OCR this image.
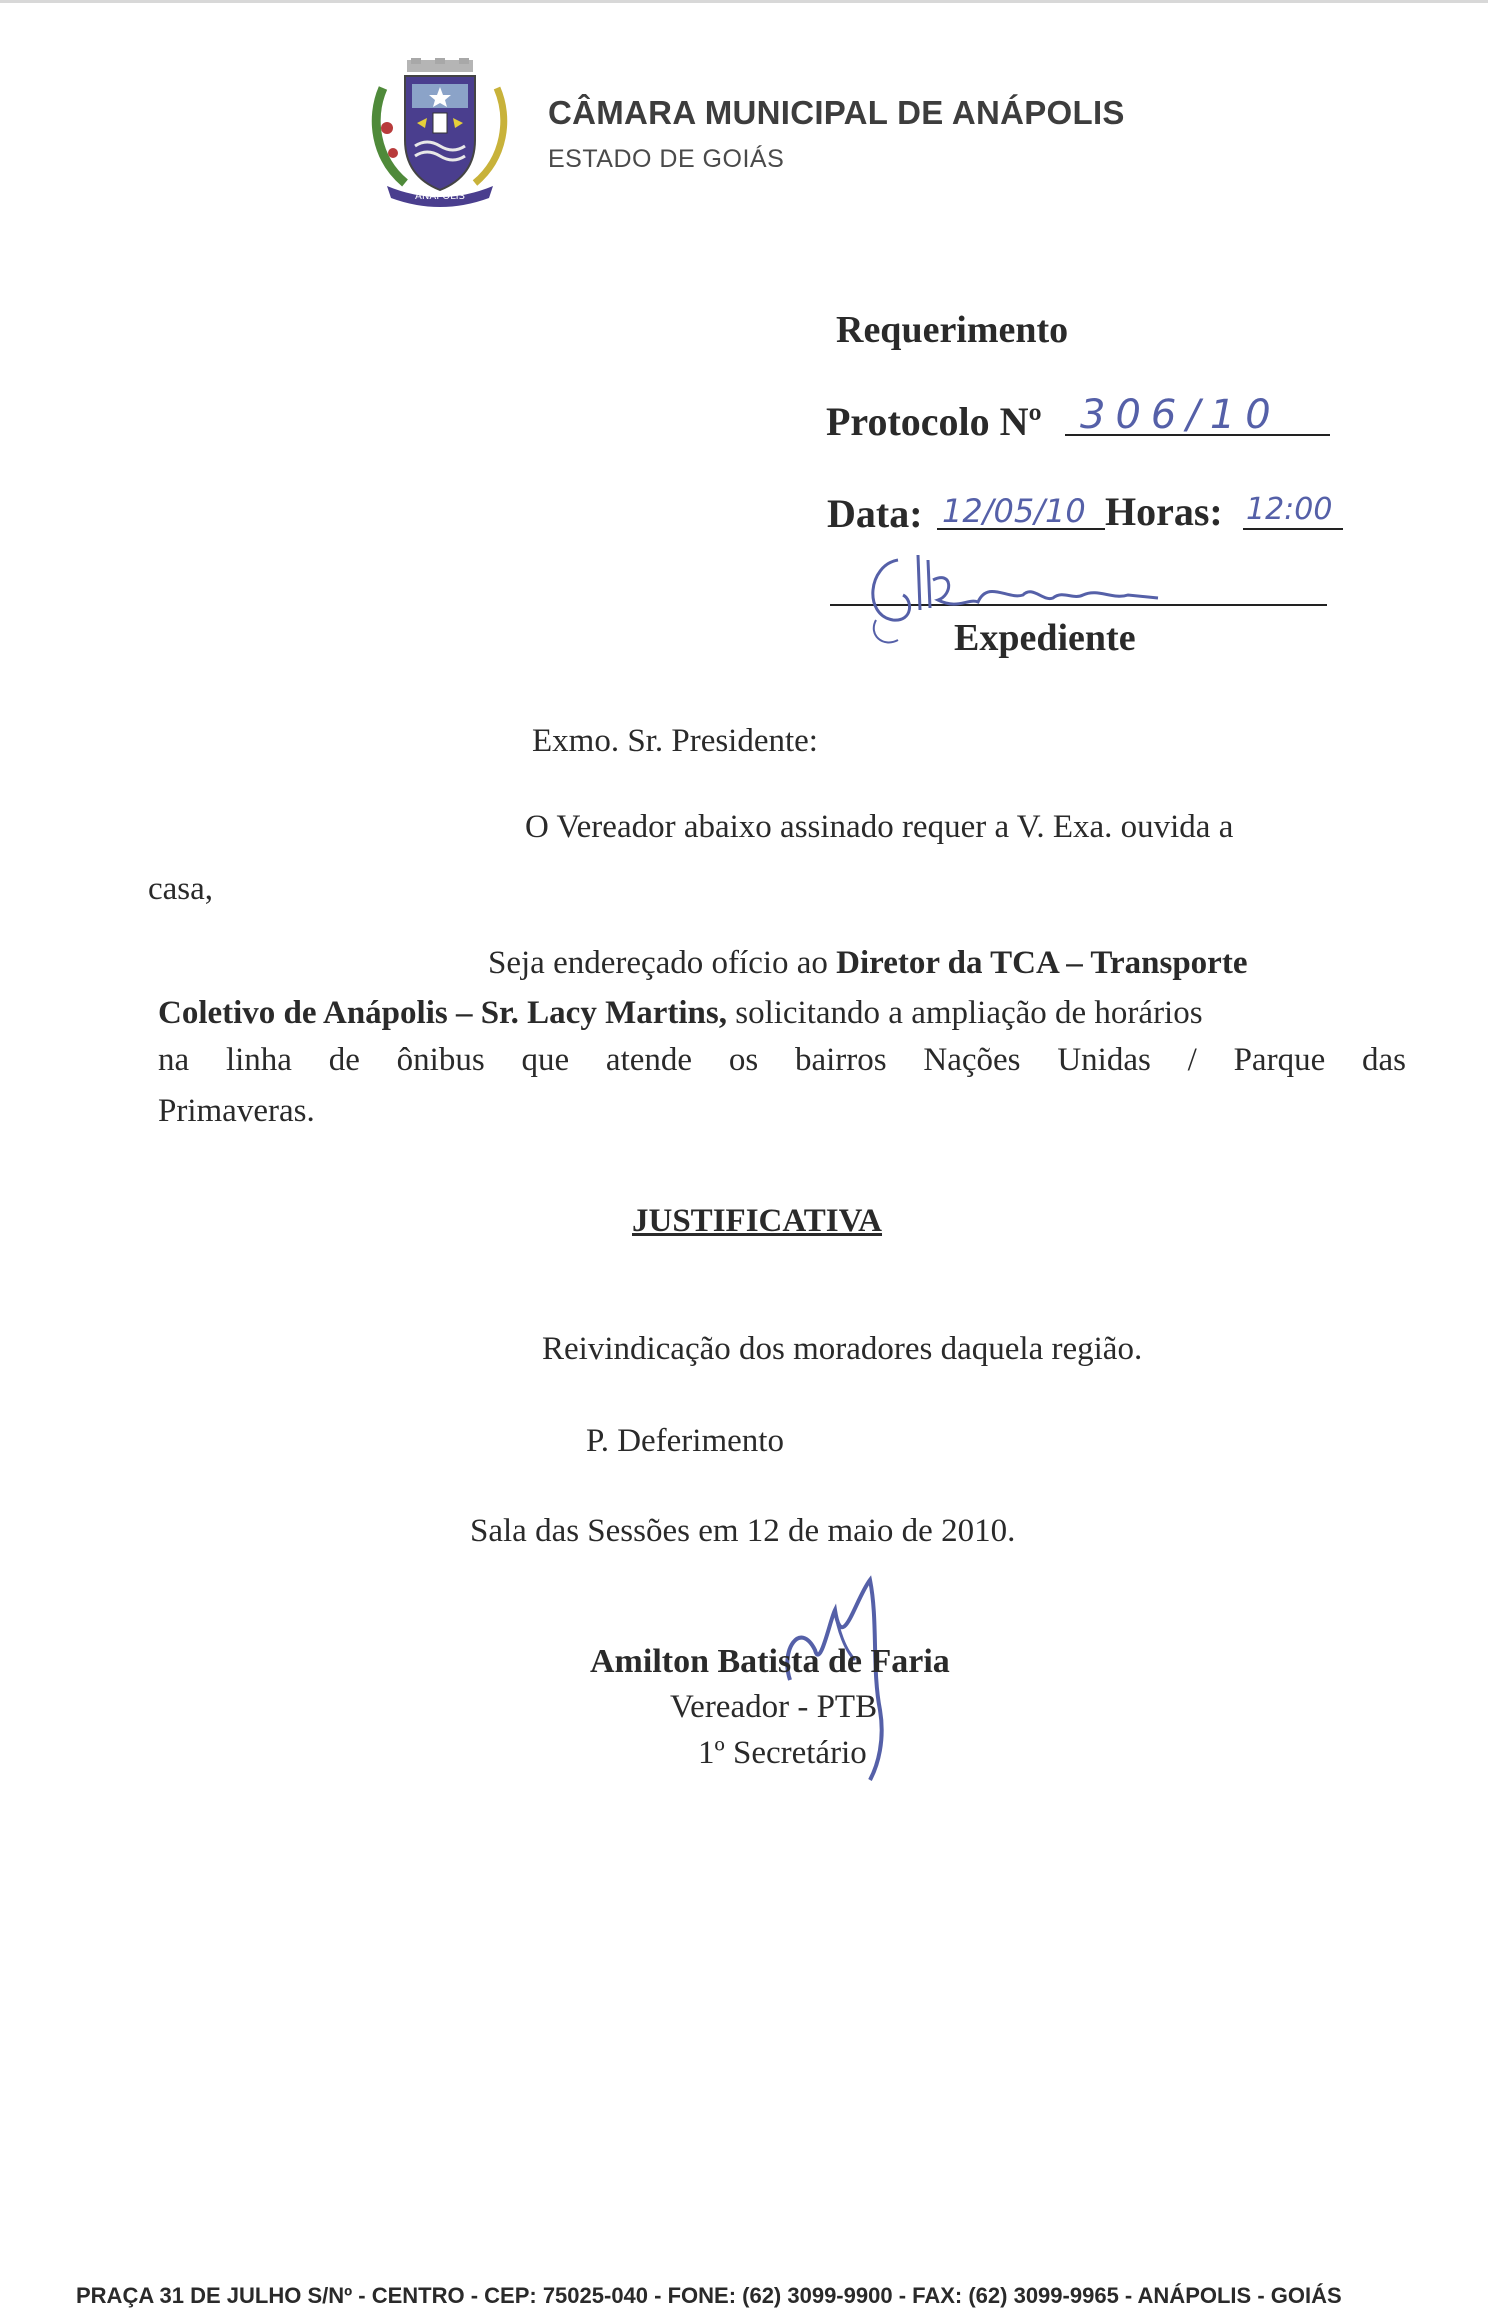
ANÁPOLIS
CÂMARA MUNICIPAL DE ANÁPOLIS
ESTADO DE GOIÁS
Requerimento
Protocolo Nº 306/10
Data: 12/05/10 Horas: 12:00
Expediente
Exmo. Sr. Presidente:
O Vereador abaixo assinado requer a V. Exa. ouvida a
casa,
Seja endereçado ofício ao Diretor da TCA – Transporte
Coletivo de Anápolis – Sr. Lacy Martins, solicitando a ampliação de horários
na linha de ônibus que atende os bairros Nações Unidas / Parque das
Primaveras.
JUSTIFICATIVA
Reivindicação dos moradores daquela região.
P. Deferimento
Sala das Sessões em 12 de maio de 2010.
Amilton Batista de Faria
Vereador - PTB
1º Secretário
PRAÇA 31 DE JULHO S/Nº - CENTRO - CEP: 75025-040 - FONE: (62) 3099-9900 - FAX: (62) 3099-9965 - ANÁPOLIS - GOIÁS
